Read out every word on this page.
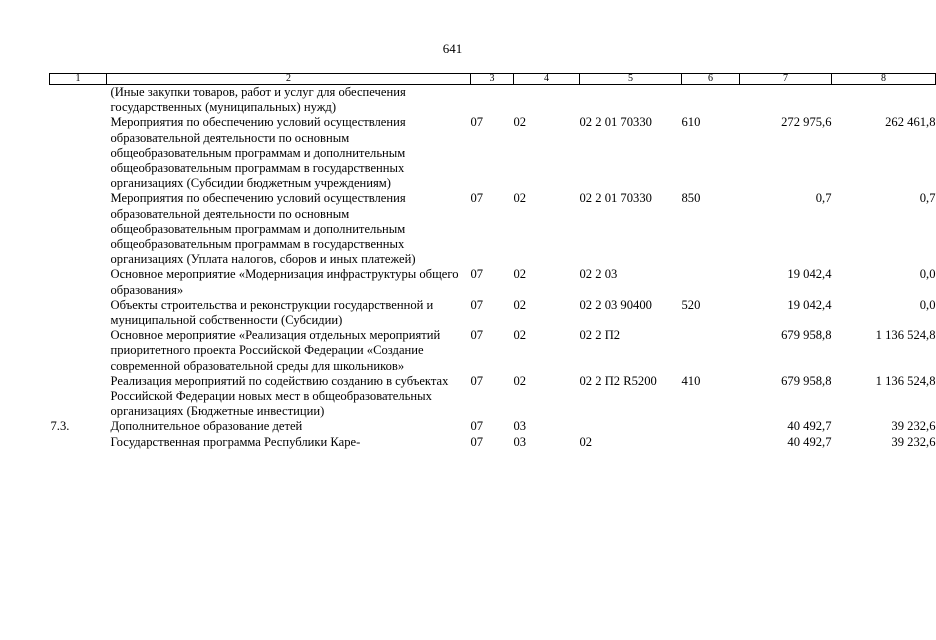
641
1	2	3	4	5	6	7	8
	(Иные закупки товаров, работ и услуг для обеспечения государственных (муниципальных) нужд)						
	Мероприятия по обеспечению условий осуществления образовательной деятельности по основным общеобразовательным программам и дополнительным общеобразовательным программам в государственных организациях (Субсидии бюджетным учреждениям)	07	02	02 2 01 70330	610	272 975,6	262 461,8
	Мероприятия по обеспечению условий осуществления образовательной деятельности по основным общеобразовательным программам и дополнительным общеобразовательным программам в государственных организациях (Уплата налогов, сборов и иных платежей)	07	02	02 2 01 70330	850	0,7	0,7
	Основное мероприятие «Модернизация инфраструктуры общего образования»	07	02	02 2 03		19 042,4	0,0
	Объекты строительства и реконструкции государственной и муниципальной собственности (Субсидии)	07	02	02 2 03 90400	520	19 042,4	0,0
	Основное мероприятие «Реализация отдельных мероприятий приоритетного проекта Российской Федерации «Создание современной образовательной среды для школьников»	07	02	02 2 П2		679 958,8	1 136 524,8
	Реализация мероприятий по содействию созданию в субъектах Российской Федерации новых мест в общеобразовательных организациях (Бюджетные инвестиции)	07	02	02 2 П2 R5200	410	679 958,8	1 136 524,8
7.3.	Дополнительное образование детей	07	03			40 492,7	39 232,6
	Государственная программа Республики Каре-	07	03	02		40 492,7	39 232,6
